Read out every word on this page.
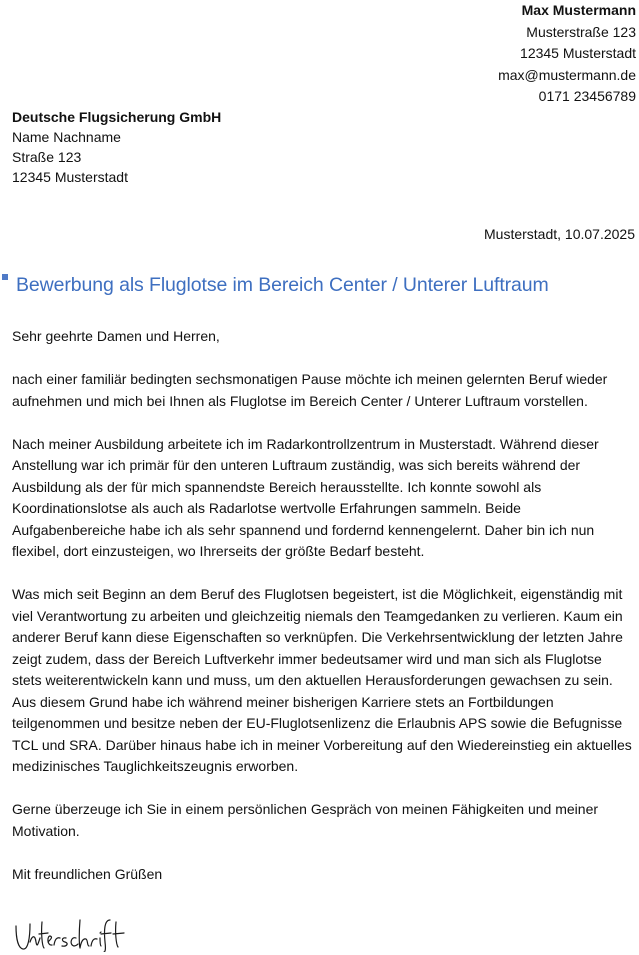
Max Mustermann
Musterstraße 123
12345 Musterstadt
max@mustermann.de
0171 23456789
Deutsche Flugsicherung GmbH
Name Nachname
Straße 123
12345 Musterstadt
Musterstadt, 10.07.2025
Bewerbung als Fluglotse im Bereich Center / Unterer Luftraum

Sehr geehrte Damen und Herren,

nach einer familiär bedingten sechsmonatigen Pause möchte ich meinen gelernten Beruf wieder aufnehmen und mich bei Ihnen als Fluglotse im Bereich Center / Unterer Luftraum vorstellen.

Nach meiner Ausbildung arbeitete ich im Radarkontrollzentrum in Musterstadt. Während dieser Anstellung war ich primär für den unteren Luftraum zuständig, was sich bereits während der Ausbildung als der für mich spannendste Bereich herausstellte. Ich konnte sowohl als Koordinationslotse als auch als Radarlotse wertvolle Erfahrungen sammeln. Beide Aufgabenbereiche habe ich als sehr spannend und fordernd kennengelernt. Daher bin ich nun flexibel, dort einzusteigen, wo Ihrerseits der größte Bedarf besteht.

Was mich seit Beginn an dem Beruf des Fluglotsen begeistert, ist die Möglichkeit, eigenständig mit viel Verantwortung zu arbeiten und gleichzeitig niemals den Teamgedanken zu verlieren. Kaum ein anderer Beruf kann diese Eigenschaften so verknüpfen. Die Verkehrsentwicklung der letzten Jahre zeigt zudem, dass der Bereich Luftverkehr immer bedeutsamer wird und man sich als Fluglotse stets weiterentwickeln kann und muss, um den aktuellen Herausforderungen gewachsen zu sein. Aus diesem Grund habe ich während meiner bisherigen Karriere stets an Fortbildungen teilgenommen und besitze neben der EU-Fluglotsenlizenz die Erlaubnis APS sowie die Befugnisse TCL und SRA. Darüber hinaus habe ich in meiner Vorbereitung auf den Wiedereinstieg ein aktuelles medizinisches Tauglichkeitszeugnis erworben.

Gerne überzeuge ich Sie in einem persönlichen Gespräch von meinen Fähigkeiten und meiner Motivation.

Mit freundlichen Grüßen
